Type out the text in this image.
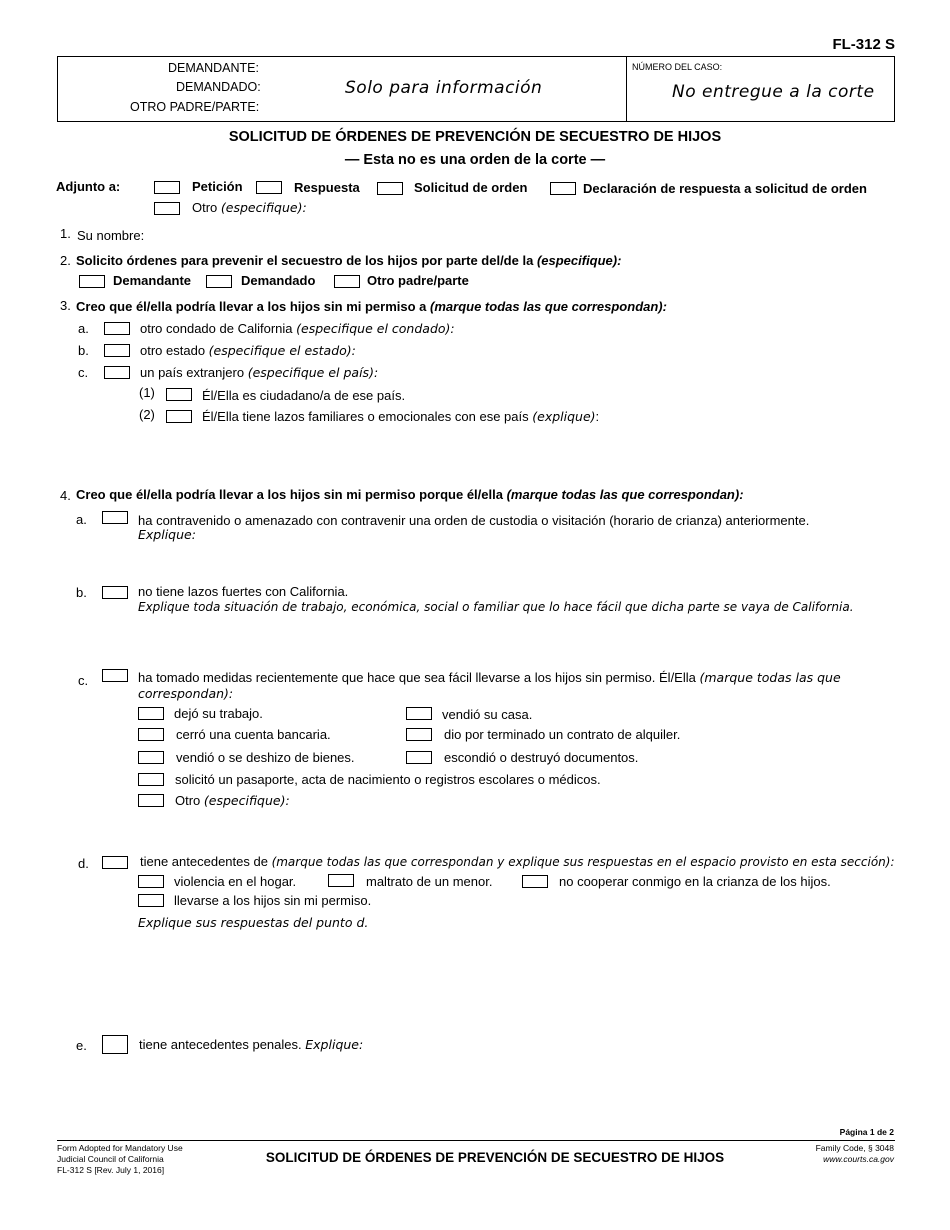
FL-312 S
DEMANDANTE:
DEMANDADO:
OTRO PADRE/PARTE:
Solo para información
NÚMERO DEL CASO:
No entregue a la corte
SOLICITUD DE ÓRDENES DE PREVENCIÓN DE SECUESTRO DE HIJOS
— Esta no es una orden de la corte —
Adjunto a:	Petición	Respuesta	Solicitud de orden	Declaración de respuesta a solicitud de orden
Otro (especifique):
1. Su nombre:
2. Solicito órdenes para prevenir el secuestro de los hijos por parte del/de la (especifique):
Demandante	Demandado	Otro padre/parte
3. Creo que él/ella podría llevar a los hijos sin mi permiso a (marque todas las que correspondan):
a.	otro condado de California (especifique el condado):
b.	otro estado (especifique el estado):
c.	un país extranjero (especifique el país):
(1)	Él/Ella es ciudadano/a de ese país.
(2)	Él/Ella tiene lazos familiares o emocionales con ese país (explique):
4. Creo que él/ella podría llevar a los hijos sin mi permiso porque él/ella (marque todas las que correspondan):
a.	ha contravenido o amenazado con contravenir una orden de custodia o visitación (horario de crianza) anteriormente.
Explique:
b.	no tiene lazos fuertes con California.
Explique toda situación de trabajo, económica, social o familiar que lo hace fácil que dicha parte se vaya de California.
c.	ha tomado medidas recientemente que hace que sea fácil llevarse a los hijos sin permiso. Él/Ella (marque todas las que
correspondan):
dejó su trabajo.	vendió su casa.
cerró una cuenta bancaria.	dio por terminado un contrato de alquiler.
vendió o se deshizo de bienes.	escondió o destruyó documentos.
solicitó un pasaporte, acta de nacimiento o registros escolares o médicos.
Otro (especifique):
d.	tiene antecedentes de (marque todas las que correspondan y explique sus respuestas en el espacio provisto en esta sección):
violencia en el hogar.	maltrato de un menor.	no cooperar conmigo en la crianza de los hijos.
llevarse a los hijos sin mi permiso.
Explique sus respuestas del punto d.
e.	tiene antecedentes penales. Explique:
Página 1 de 2
Form Adopted for Mandatory Use
Judicial Council of California
FL-312 S [Rev. July 1, 2016]
SOLICITUD DE ÓRDENES DE PREVENCIÓN DE SECUESTRO DE HIJOS
Family Code, § 3048
www.courts.ca.gov
